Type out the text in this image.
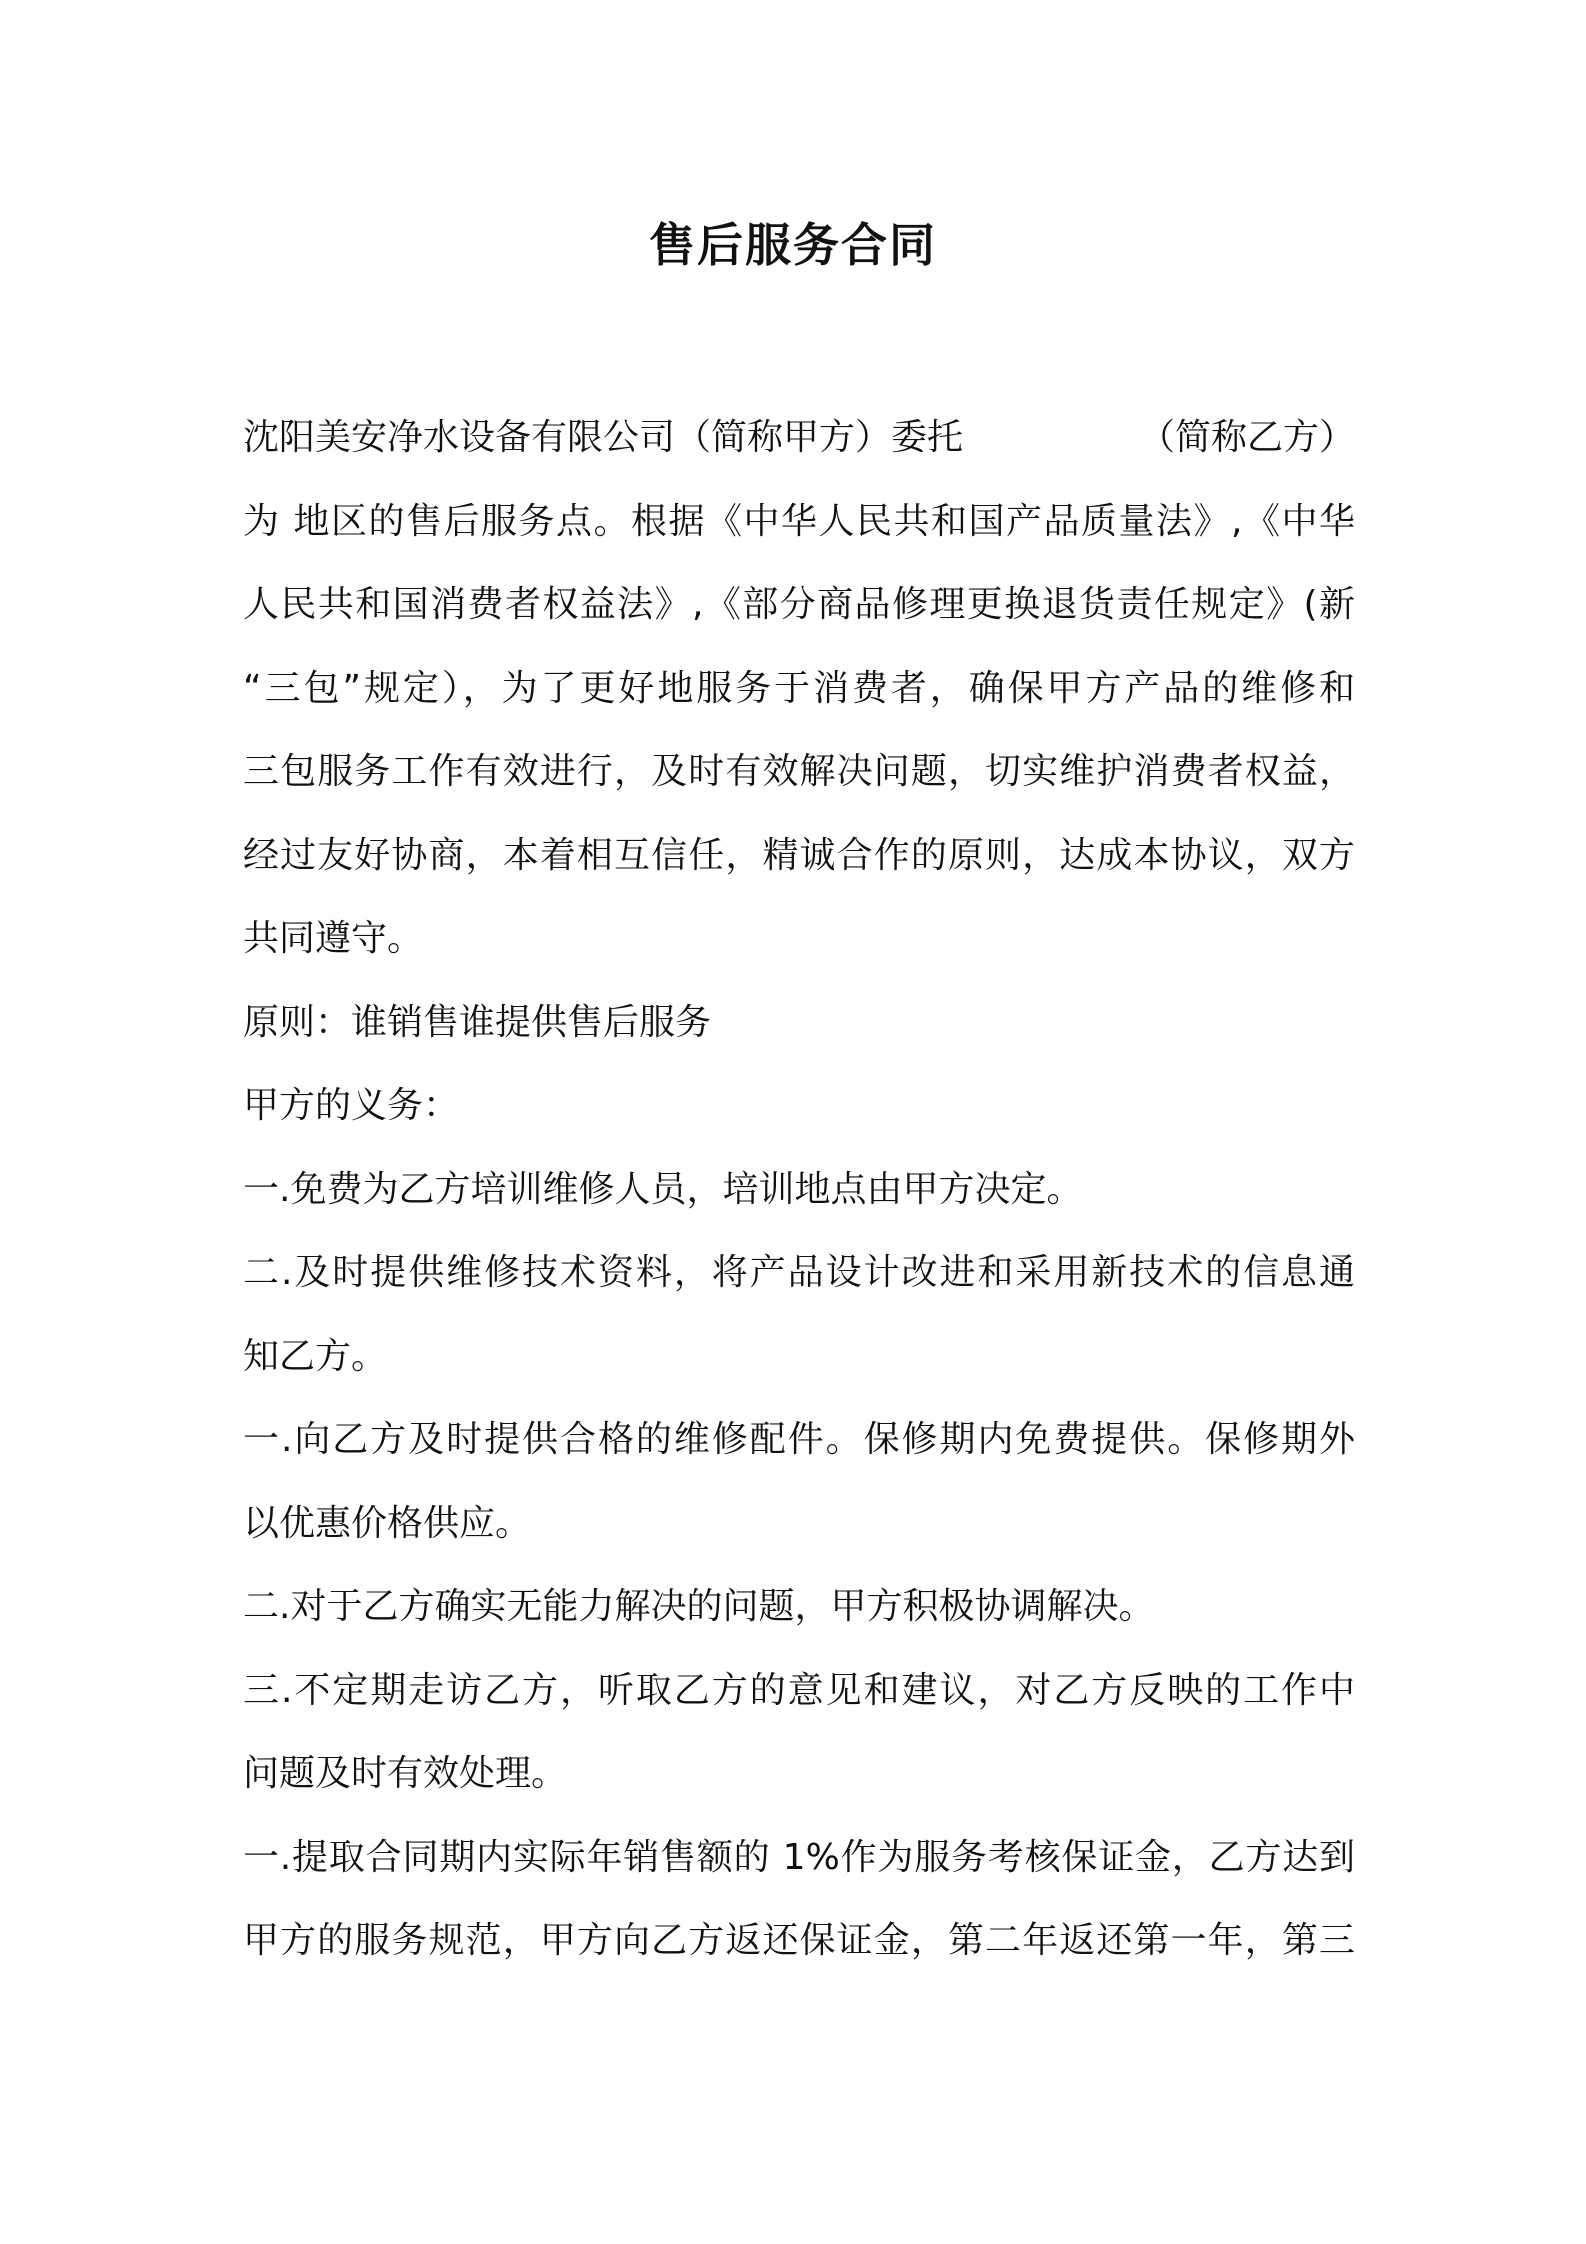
售后服务合同
沈阳美安净水设备有限公司（简称甲方）委托	（简称乙方）
为 地区的售后服务点。根据《中华人民共和国产品质量法》,《中华
人民共和国消费者权益法》,《部分商品修理更换退货责任规定》(新
“三包”规定），为了更好地服务于消费者，确保甲方产品的维修和
三包服务工作有效进行，及时有效解决问题，切实维护消费者权益，
经过友好协商，本着相互信任，精诚合作的原则，达成本协议，双方
共同遵守。
原则：谁销售谁提供售后服务
甲方的义务：
一.免费为乙方培训维修人员，培训地点由甲方决定。
二.及时提供维修技术资料，将产品设计改进和采用新技术的信息通
知乙方。
一.向乙方及时提供合格的维修配件。保修期内免费提供。保修期外
以优惠价格供应。
二.对于乙方确实无能力解决的问题，甲方积极协调解决。
三.不定期走访乙方，听取乙方的意见和建议，对乙方反映的工作中
问题及时有效处理。
一.提取合同期内实际年销售额的 1%作为服务考核保证金，乙方达到
甲方的服务规范，甲方向乙方返还保证金，第二年返还第一年，第三
